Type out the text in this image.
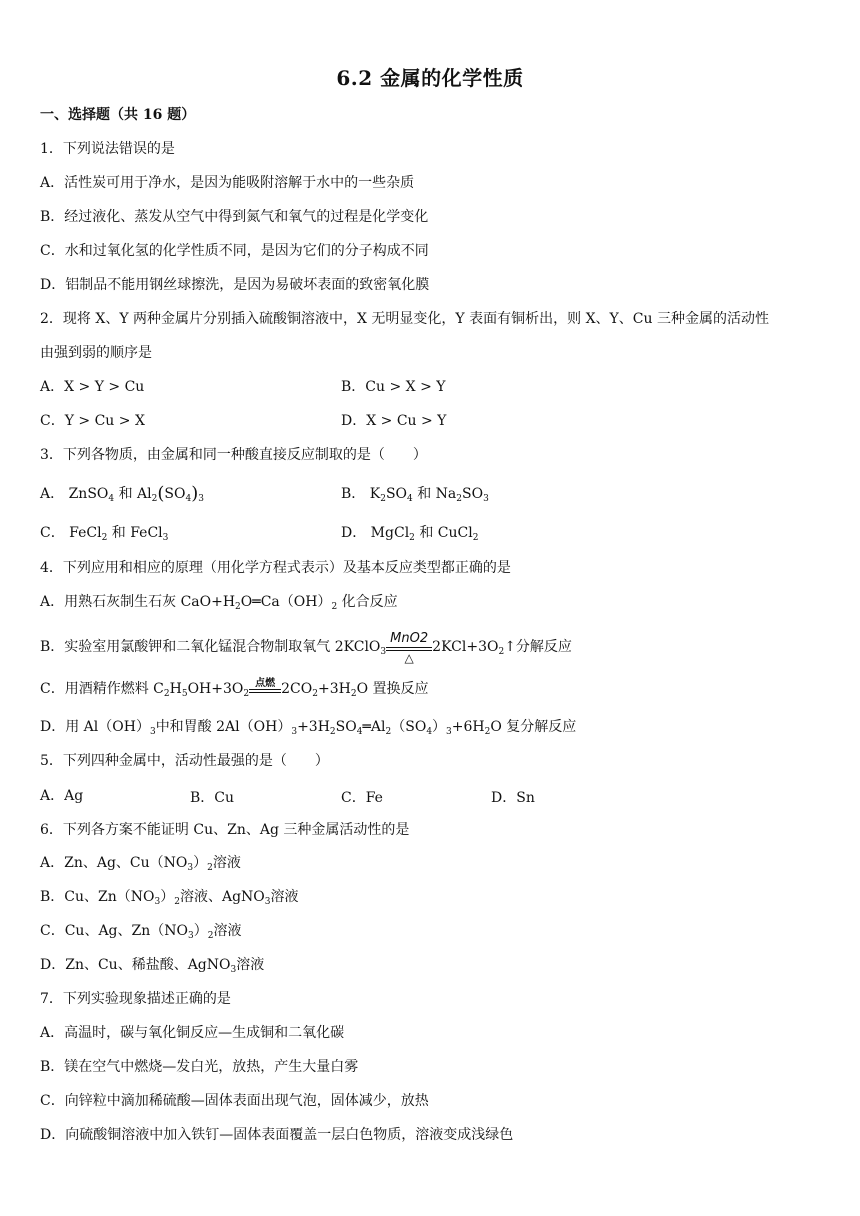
6.2 金属的化学性质
一、选择题（共 16 题）
1．下列说法错误的是
A．活性炭可用于净水，是因为能吸附溶解于水中的一些杂质
B．经过液化、蒸发从空气中得到氮气和氧气的过程是化学变化
C．水和过氧化氢的化学性质不同，是因为它们的分子构成不同
D．铝制品不能用钢丝球擦洗，是因为易破坏表面的致密氧化膜
2．现将 X、Y 两种金属片分别插入硫酸铜溶液中，X 无明显变化，Y 表面有铜析出，则 X、Y、Cu 三种金属的活动性
由强到弱的顺序是
A．X > Y > Cu	B．Cu > X > Y
C．Y > Cu > X	D．X > Cu > Y
3．下列各物质，由金属和同一种酸直接反应制取的是（　　）
A． ZnSO$_4$ 和 $Al_2(SO_4)_3$	B． $K_2SO_4$ 和 $Na_2SO_3$
C． FeCl$_2$ 和 FeCl$_3$	D． MgCl$_2$ 和 CuCl$_2$
4．下列应用和相应的原理（用化学方程式表示）及基本反应类型都正确的是
A．用熟石灰制生石灰 $CaO+H_2O═Ca(OH)_2$ 化合反应
B．实验室用氯酸钾和二氧化锰混合物制取氧气 2KClO$_3$
MnO2
△
$2KCl+3O_2↑$分解反应
C．用酒精作燃料 $C_2H_5OH+3O_2$
点燃 $2CO_2+3H_2O$ 置换反应
D．用 $Al(OH)_3$中和胃酸 $2Al(OH)_3+3H_2SO_4═Al_2(SO_4)_3+6H_2O$ 复分解反应
5．下列四种金属中，活动性最强的是（　　）
A．Ag	B．Cu	C．Fe	D．Sn
6．下列各方案不能证明 Cu、Zn、Ag 三种金属活动性的是
A．Zn、Ag、$Cu(NO_3)_2$溶液
B．Cu、$Zn(NO_3)_2$溶液、AgNO$_3$溶液
C．Cu、Ag、$Zn(NO_3)_2$溶液
D．Zn、Cu、稀盐酸、AgNO$_3$溶液
7．下列实验现象描述正确的是
A．高温时，碳与氧化铜反应—生成铜和二氧化碳
B．镁在空气中燃烧—发白光，放热，产生大量白雾
C．向锌粒中滴加稀硫酸—固体表面出现气泡，固体减少，放热
D．向硫酸铜溶液中加入铁钉—固体表面覆盖一层白色物质，溶液变成浅绿色
